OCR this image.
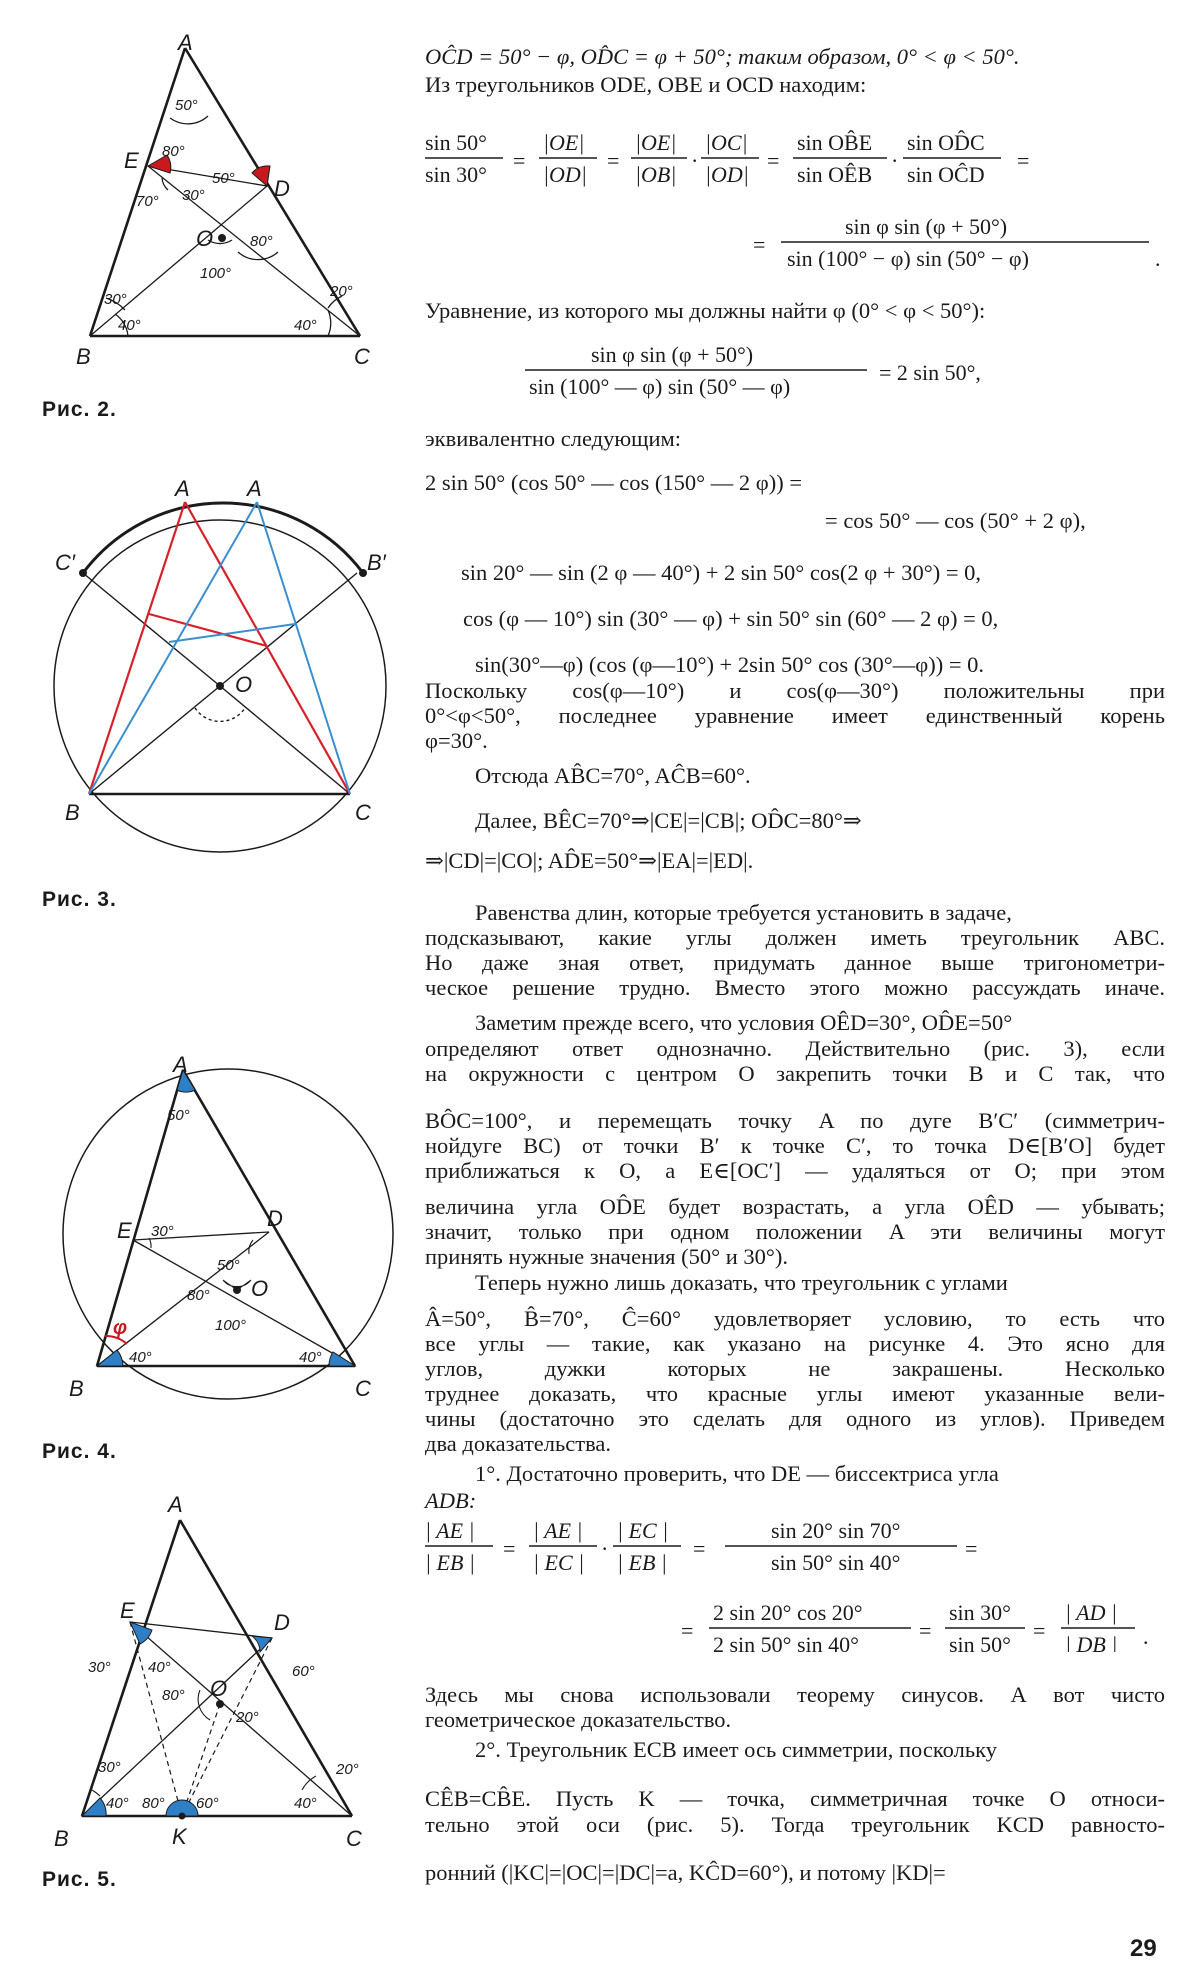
A
B	C
D
E
O
50°
80°
70° 30°
50°
80°
100°
30°
40°	40°
20°
Рис. 2.
A	A
C′	B′
O
B	C
Рис. 3.
A
B	C
D
E
O
50°
30°
50°
80°
100°
φ
40°	40°
Рис. 4.
A
B	C
D
E
O
K
30° 40°
80°
20°
60°
30°
40° 80° 60°	40°
20°
Рис. 5.
OĈD = 50° − φ, OD̂C = φ + 50°; таким образом, 0° < φ < 50°.
Из треугольников ODE, OBE и OCD находим:
sin 50°
sin 30°
=
|OE|
|OD|
=
|OE|
|OB|
·
|OC|
|OD|
=
sin OB̂E
sin OÊB
·
sin OD̂C
sin OĈD
=
=
sin φ sin (φ + 50°)
sin (100° − φ) sin (50° − φ)	.
Уравнение, из которого мы должны найти φ (0° < φ < 50°):
sin φ sin (φ + 50°)
sin (100° — φ) sin (50° — φ)
= 2 sin 50°,
эквивалентно следующим:
2 sin 50° (cos 50° — cos (150° — 2 φ)) =
= cos 50° — cos (50° + 2 φ),
sin 20° — sin (2 φ — 40°) + 2 sin 50° cos(2 φ + 30°) = 0,
cos (φ — 10°) sin (30° — φ) + sin 50° sin (60° — 2 φ) = 0,
sin(30°—φ) (cos (φ—10°) + 2sin 50° cos (30°—φ)) = 0.
Поскольку cos(φ—10°) и cos(φ—30°) положительны при
0°<φ<50°, последнее уравнение имеет единственный корень
φ=30°.
Отсюда AB̂C=70°, AĈB=60°.
Далее, BÊC=70°⇒|CE|=|CB|; OD̂C=80°⇒
⇒|CD|=|CO|; AD̂E=50°⇒|EA|=|ED|.
Равенства длин, которые требуется установить в задаче,
подсказывают, какие углы должен иметь треугольник ABC.
Но даже зная ответ, придумать данное выше тригонометри-
ческое решение трудно. Вместо этого можно рассуждать иначе.
Заметим прежде всего, что условия OÊD=30°, OD̂E=50°
определяют ответ однозначно. Действительно (рис. 3), если
на окружности с центром O закрепить точки B и C так, что
BÔC=100°, и перемещать точку A по дуге B′C′ (симметрич-
нойдуге BC) от точки B′ к точке C′, то точка D∈[B′O] будет
приближаться к O, а E∈[OC′] — удаляться от O; при этом
величина угла OD̂E будет возрастать, а угла OÊD — убывать;
значит, только при одном положении A эти величины могут
принять нужные значения (50° и 30°).
Теперь нужно лишь доказать, что треугольник с углами
Â=50°, B̂=70°, Ĉ=60° удовлетворяет условию, то есть что
все углы — такие, как указано на рисунке 4. Это ясно для
углов, дужки которых не закрашены. Несколько
труднее доказать, что красные углы имеют указанные вели-
чины (достаточно это сделать для одного из углов). Приведем
два доказательства.
1°. Достаточно проверить, что DE — биссектриса угла
ADB:
| AE |
| EB |
=
| AE |
| EC |
·
| EC |
| EB |
=
sin 20° sin 70°
sin 50° sin 40°
=
=
2 sin 20° cos 20°
2 sin 50° sin 40°
=
sin 30°
sin 50°
=
| AD |
| DB | .
Здесь мы снова использовали теорему синусов. А вот чисто
геометрическое доказательство.
2°. Треугольник ECB имеет ось симметрии, поскольку
CÊB=CB̂E. Пусть K — точка, симметричная точке O относи-
тельно этой оси (рис. 5). Тогда треугольник KCD равносто-
ронний (|KC|=|OC|=|DC|=a, KĈD=60°), и потому |KD|=
29
